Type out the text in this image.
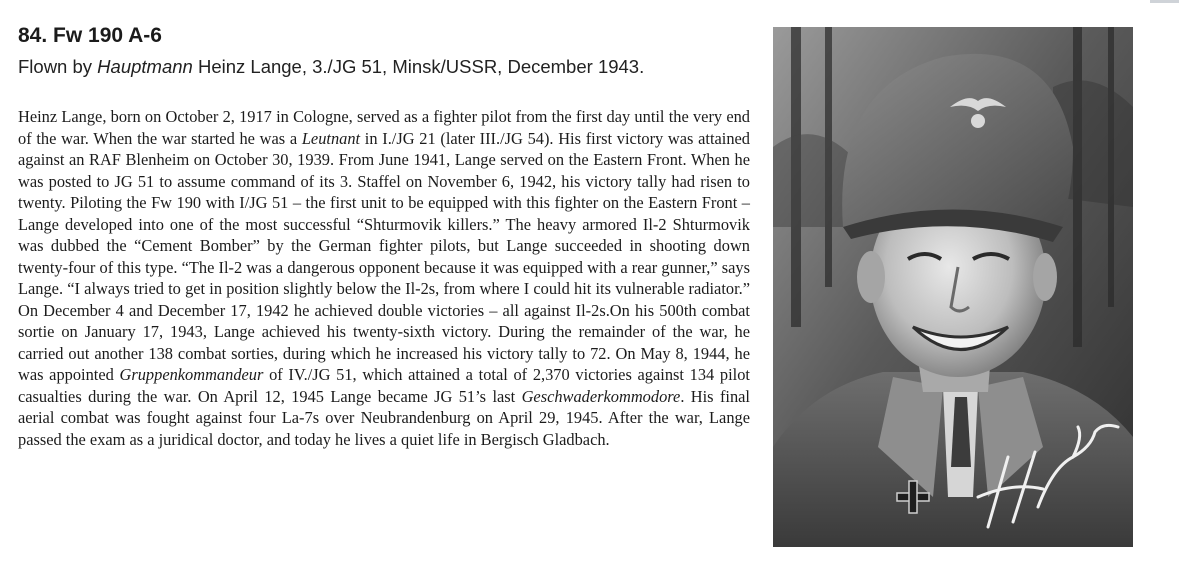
84. Fw 190 A-6
Flown by Hauptmann Heinz Lange, 3./JG 51, Minsk/USSR, December 1943.

Heinz Lange, born on October 2, 1917 in Cologne, served as a fighter pilot from the first day until the very end of the war. When the war started he was a Leutnant in I./JG 21 (later III./JG 54). His first victory was attained against an RAF Blenheim on October 30, 1939. From June 1941, Lange served on the Eastern Front. When he was posted to JG 51 to assume command of its 3. Staffel on November 6, 1942, his victory tally had risen to twenty. Piloting the Fw 190 with I/JG 51 – the first unit to be equipped with this fighter on the Eastern Front – Lange developed into one of the most successful “Shturmovik killers.” The heavy armored Il-2 Shturmovik was dubbed the “Cement Bomber” by the German fighter pilots, but Lange succeeded in shooting down twenty-four of this type. “The Il-2 was a dangerous opponent because it was equipped with a rear gunner,” says Lange. “I always tried to get in position slightly below the Il-2s, from where I could hit its vulnerable radiator.” On December 4 and December 17, 1942 he achieved double victories – all against Il-2s.On his 500th combat sortie on January 17, 1943, Lange achieved his twenty-sixth victory. During the remainder of the war, he carried out another 138 combat sorties, during which he increased his victory tally to 72. On May 8, 1944, he was appointed Gruppenkommandeur of IV./JG 51, which attained a total of 2,370 victories against 134 pilot casualties during the war. On April 12, 1945 Lange became JG 51’s last Geschwaderkommodore. His final aerial combat was fought against four La-7s over Neubrandenburg on April 29, 1945. After the war, Lange passed the exam as a juridical doctor, and today he lives a quiet life in Bergisch Gladbach.
